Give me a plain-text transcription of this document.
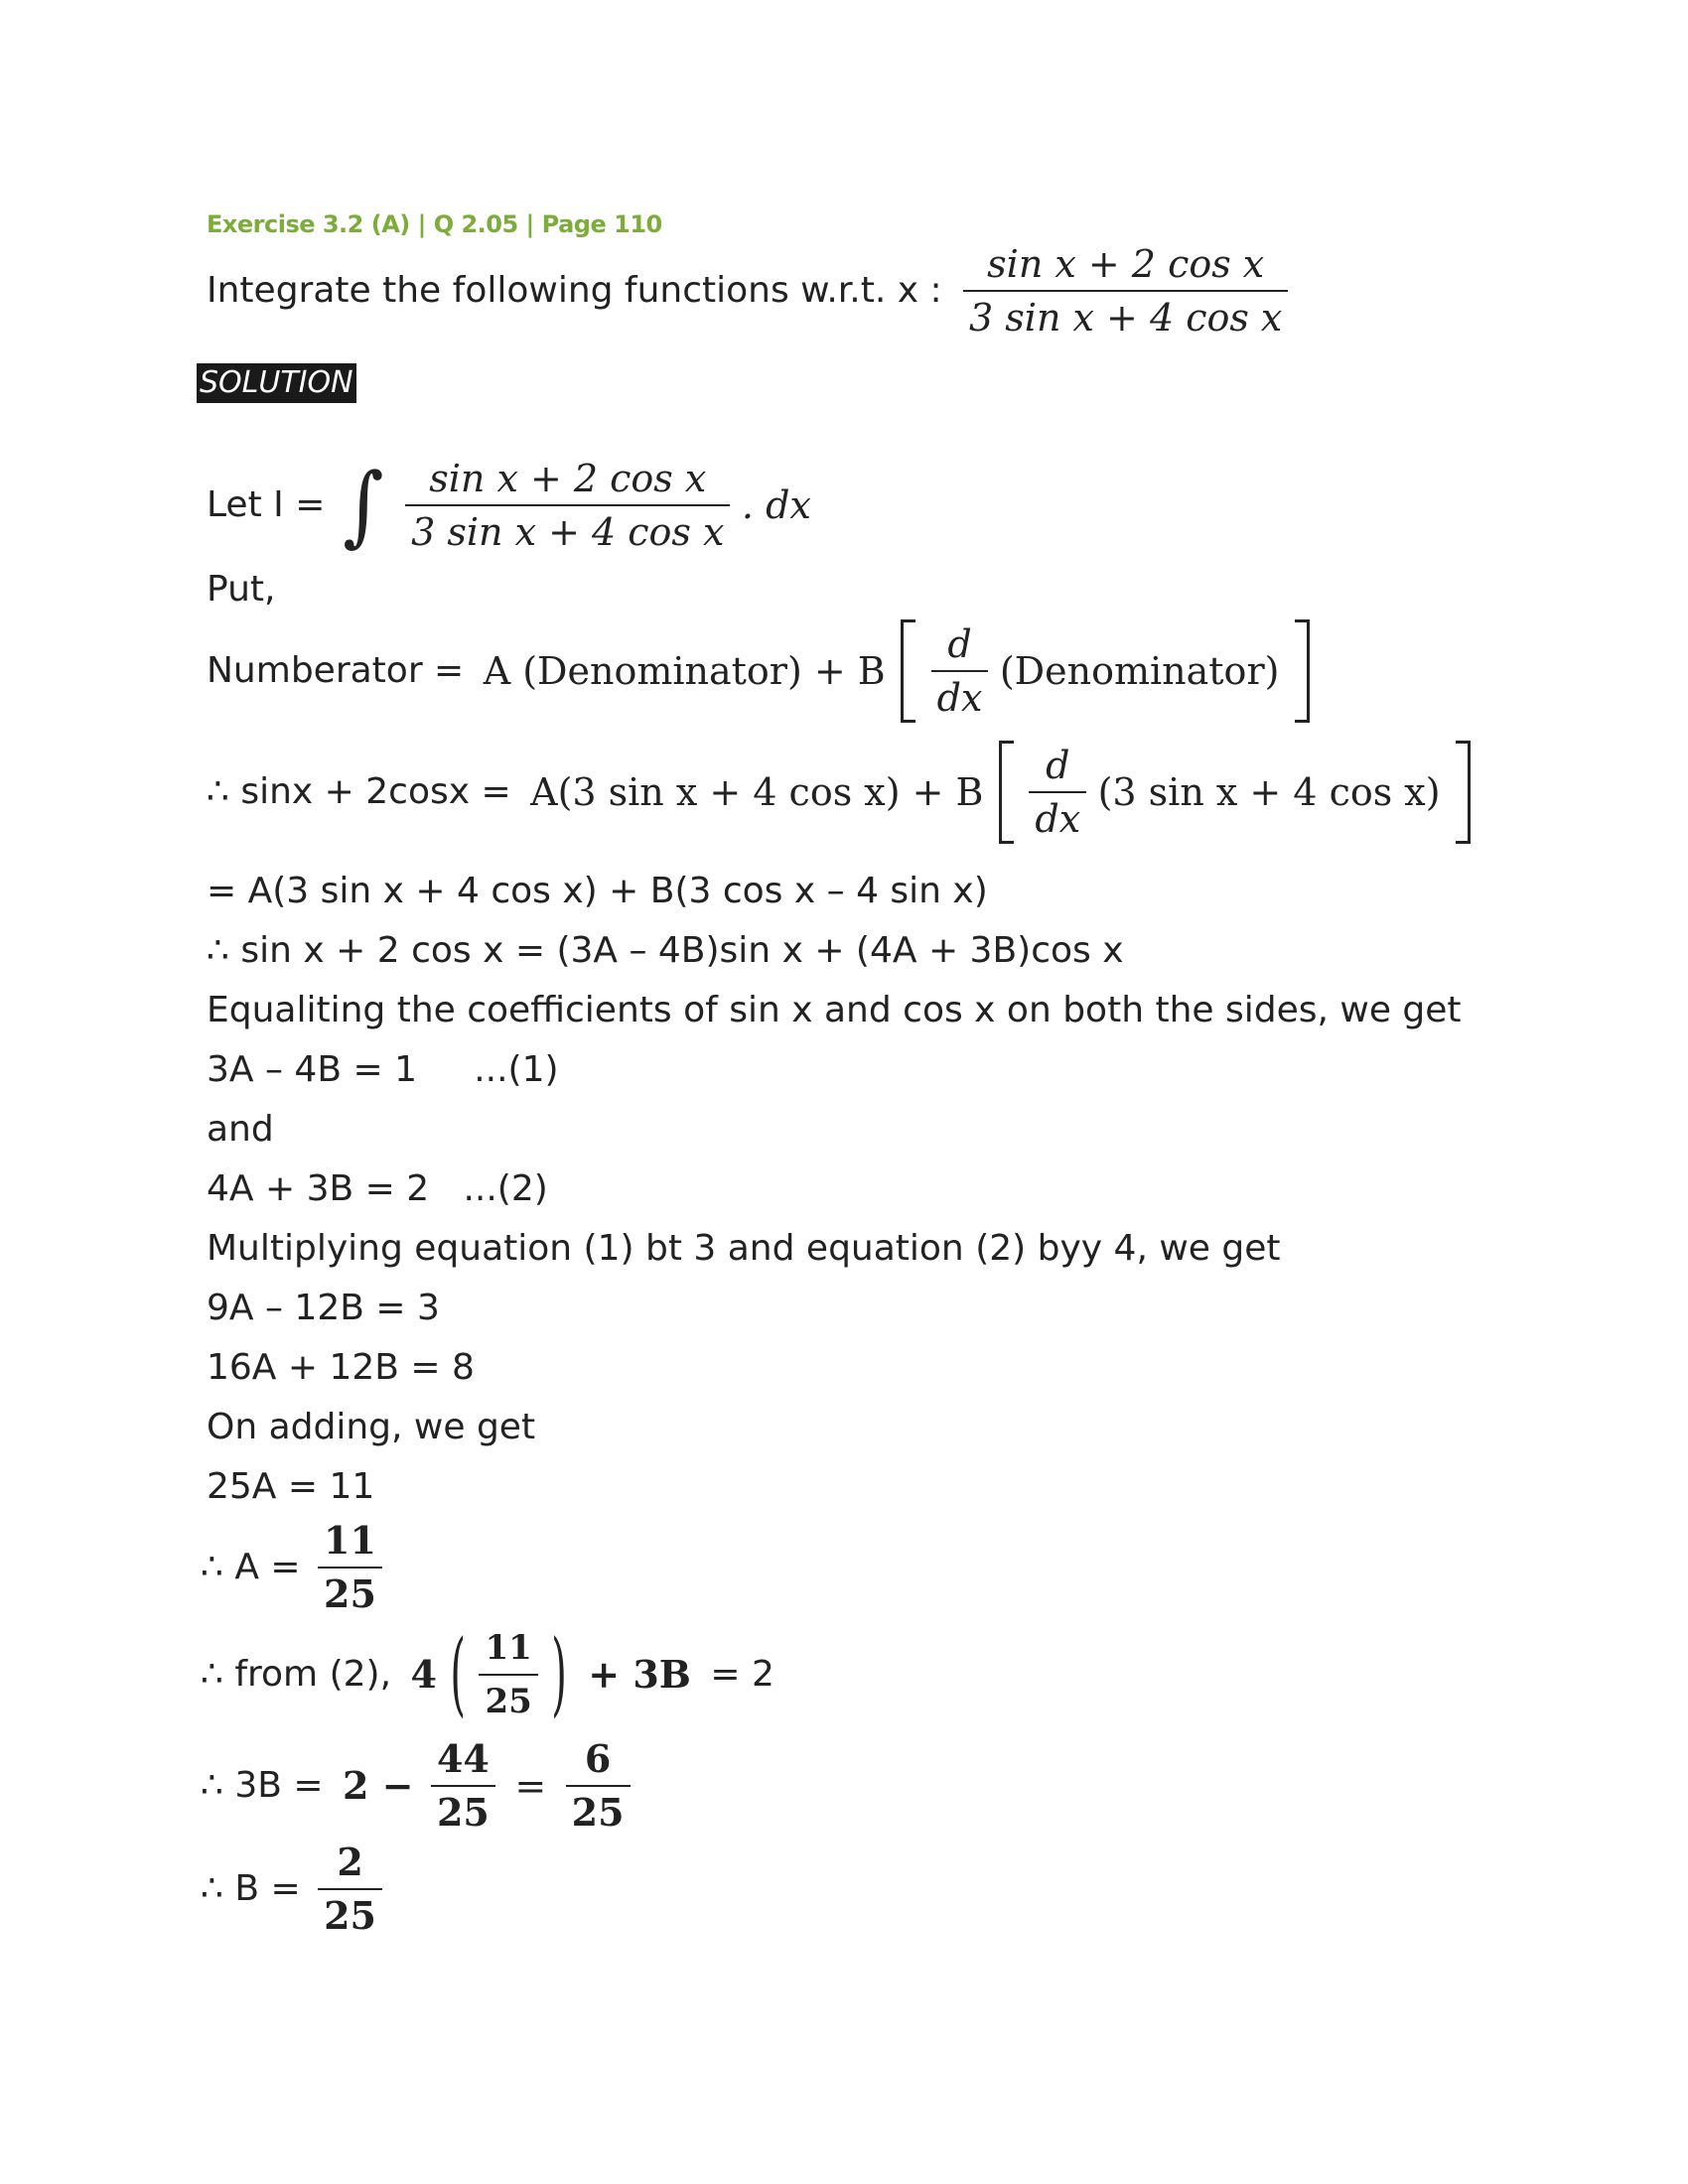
Exercise 3.2 (A) | Q 2.05 | Page 110
Integrate the following functions w.r.t. x : $\frac{\text{sin x + 2 cos x}}{\text{3 sin x + 4 cos x}}$
SOLUTION
Let I = ∫ $\frac{\text{sin x + 2 cos x}}{\text{3 sin x + 4 cos x}}$ . dx
Put,
Numberator = A (Denominator) + B $\frac{d}{dx}$ (Denominator)
∴ sinx + 2cosx = A(3 sin x + 4 cos x) + B $\frac{d}{dx} (3$ sin x + 4 cos x)
= A(3 sin x + 4 cos x) + B(3 cos x – 4 sin x)
∴ sin x + 2 cos x = (3A – 4B)sin x + (4A + 3B)cos x
Equaliting the coefficients of sin x and cos x on both the sides, we get
3A – 4B = 1     ...(1)
and
4A + 3B = 2   ...(2)
Multiplying equation (1) bt 3 and equation (2) byy 4, we get
9A – 12B = 3
16A + 12B = 8
On adding, we get
25A = 11
∴ $A = \frac{11}{25}$
∴ from (2), 4 ( $\frac{11}{25}$ ) + 3B = 2
∴ $3B = 2 - \frac{44}{25} = \frac{6}{25}$
∴ $B = \frac{2}{25}$
